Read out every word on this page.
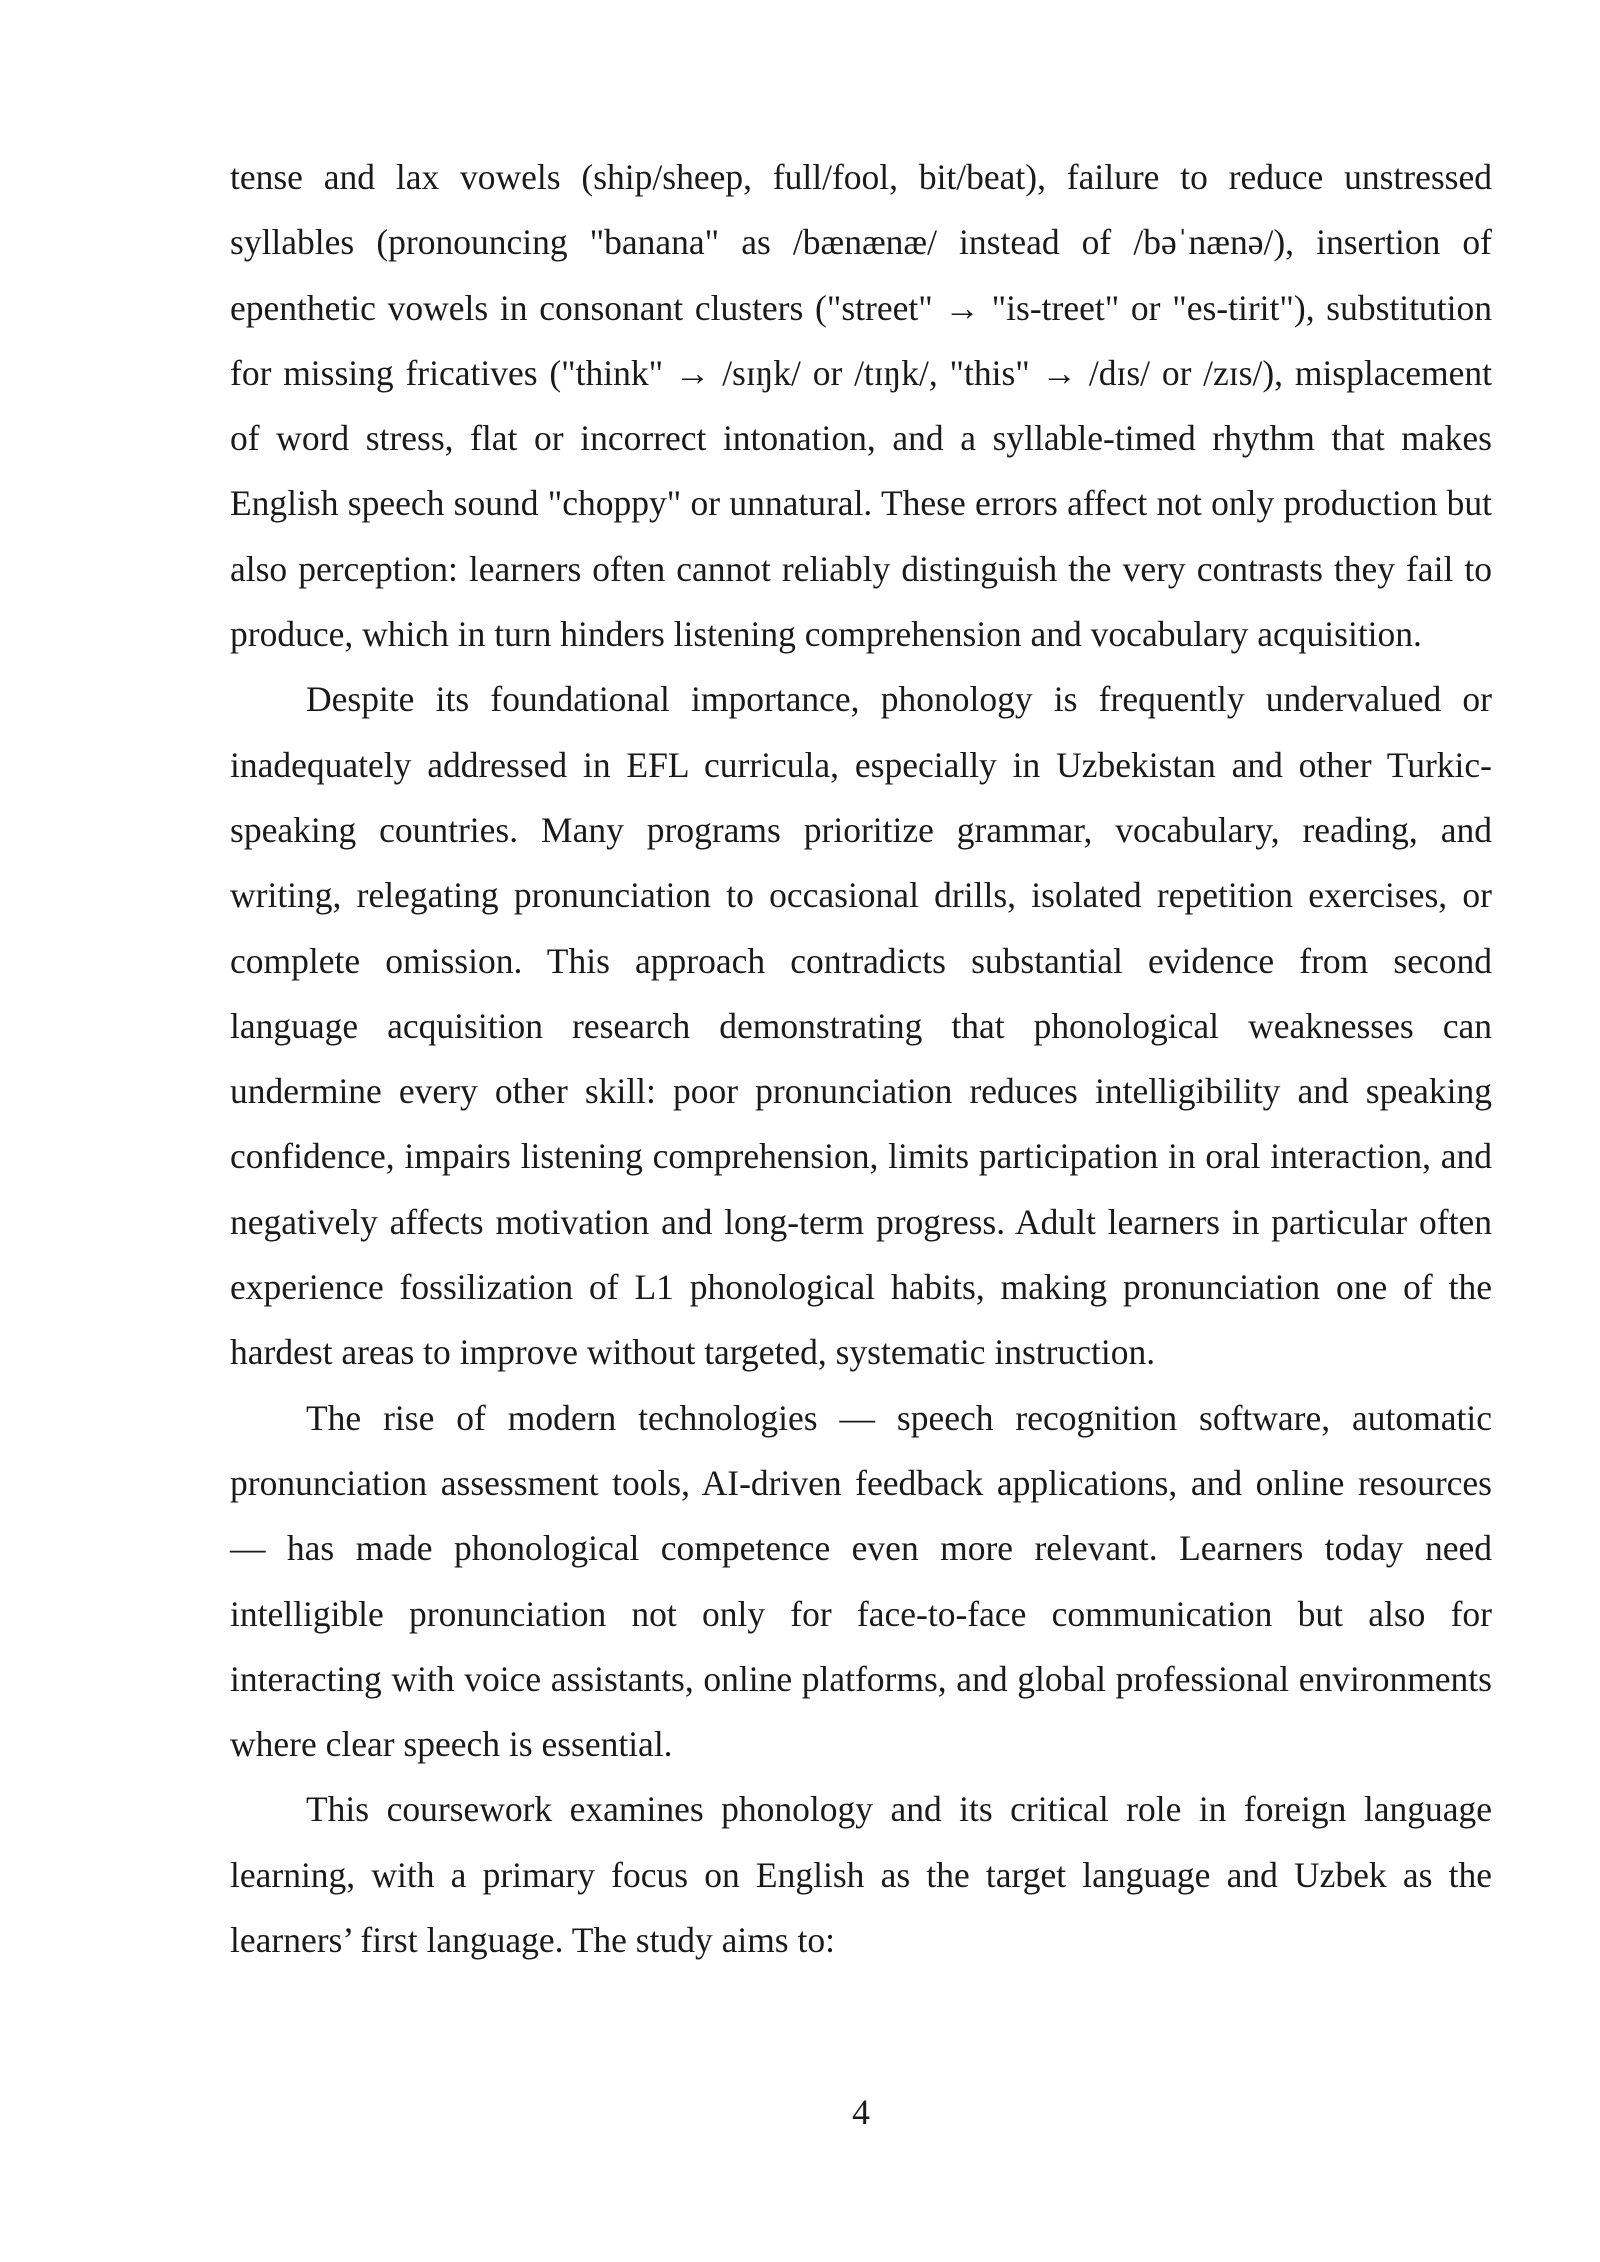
tense and lax vowels (ship/sheep, full/fool, bit/beat), failure to reduce unstressed syllables (pronouncing "banana" as /bænænæ/ instead of /bəˈnænə/), insertion of epenthetic vowels in consonant clusters ("street" → "is-treet" or "es-tirit"), substitution for missing fricatives ("think" → /sɪŋk/ or /tɪŋk/, "this" → /dɪs/ or /zɪs/), misplacement of word stress, flat or incorrect intonation, and a syllable-timed rhythm that makes English speech sound "choppy" or unnatural. These errors affect not only production but also perception: learners often cannot reliably distinguish the very contrasts they fail to produce, which in turn hinders listening comprehension and vocabulary acquisition.

Despite its foundational importance, phonology is frequently undervalued or inadequately addressed in EFL curricula, especially in Uzbekistan and other Turkic-speaking countries. Many programs prioritize grammar, vocabulary, reading, and writing, relegating pronunciation to occasional drills, isolated repetition exercises, or complete omission. This approach contradicts substantial evidence from second language acquisition research demonstrating that phonological weaknesses can undermine every other skill: poor pronunciation reduces intelligibility and speaking confidence, impairs listening comprehension, limits participation in oral interaction, and negatively affects motivation and long-term progress. Adult learners in particular often experience fossilization of L1 phonological habits, making pronunciation one of the hardest areas to improve without targeted, systematic instruction.

The rise of modern technologies — speech recognition software, automatic pronunciation assessment tools, AI-driven feedback applications, and online resources — has made phonological competence even more relevant. Learners today need intelligible pronunciation not only for face-to-face communication but also for interacting with voice assistants, online platforms, and global professional environments where clear speech is essential.

This coursework examines phonology and its critical role in foreign language learning, with a primary focus on English as the target language and Uzbek as the learners’ first language. The study aims to:

4
